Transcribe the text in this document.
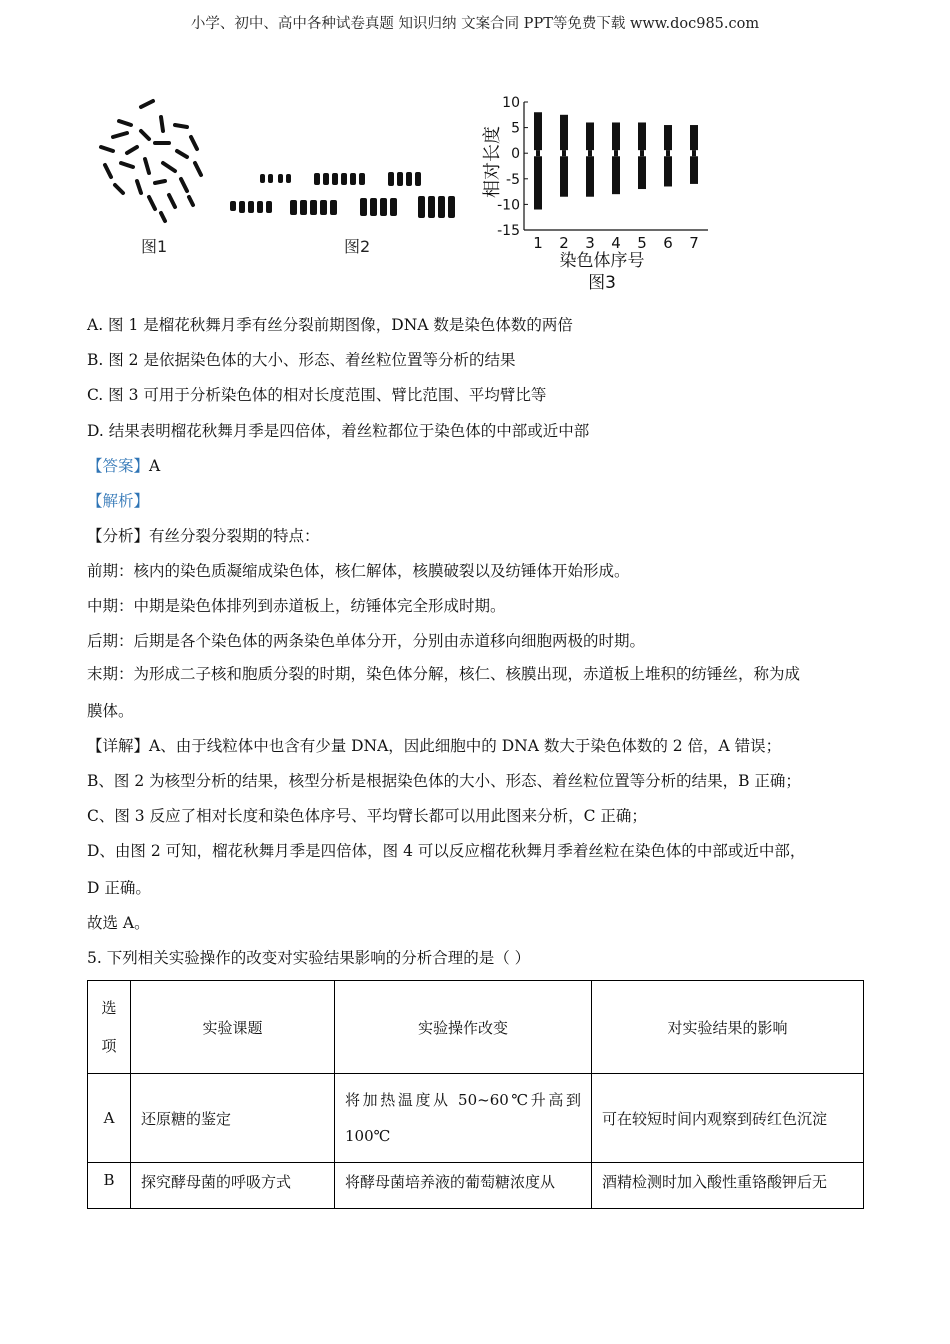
小学、初中、高中各种试卷真题 知识归纳 文案合同 PPT等免费下载 www.doc985.com
图1	图2
相对长度
10
5
0
-5
-10
-15
1 2 3 4 5 6 7
染色体序号
图3
A. 图 1 是榴花秋舞月季有丝分裂前期图像，DNA 数是染色体数的两倍
B. 图 2 是依据染色体的大小、形态、着丝粒位置等分析的结果
C. 图 3 可用于分析染色体的相对长度范围、臂比范围、平均臂比等
D. 结果表明榴花秋舞月季是四倍体，着丝粒都位于染色体的中部或近中部
【答案】A
【解析】
【分析】有丝分裂分裂期的特点：
前期：核内的染色质凝缩成染色体，核仁解体，核膜破裂以及纺锤体开始形成。
中期：中期是染色体排列到赤道板上，纺锤体完全形成时期。
后期：后期是各个染色体的两条染色单体分开，分别由赤道移向细胞两极的时期。
末期：为形成二子核和胞质分裂的时期，染色体分解，核仁、核膜出现，赤道板上堆积的纺锤丝，称为成
膜体。
【详解】A、由于线粒体中也含有少量 DNA，因此细胞中的 DNA 数大于染色体数的 2 倍，A 错误；
B、图 2 为核型分析的结果，核型分析是根据染色体的大小、形态、着丝粒位置等分析的结果，B 正确；
C、图 3 反应了相对长度和染色体序号、平均臂长都可以用此图来分析，C 正确；
D、由图 2 可知，榴花秋舞月季是四倍体，图 4 可以反应榴花秋舞月季着丝粒在染色体的中部或近中部，
D 正确。
故选 A。
5. 下列相关实验操作的改变对实验结果影响的分析合理的是（ ）
选
项	实验课题	实验操作改变	对实验结果的影响
A	还原糖的鉴定	将加热温度从 50~60℃升高到 100℃	可在较短时间内观察到砖红色沉淀
B	探究酵母菌的呼吸方式	将酵母菌培养液的葡萄糖浓度从	酒精检测时加入酸性重铬酸钾后无
